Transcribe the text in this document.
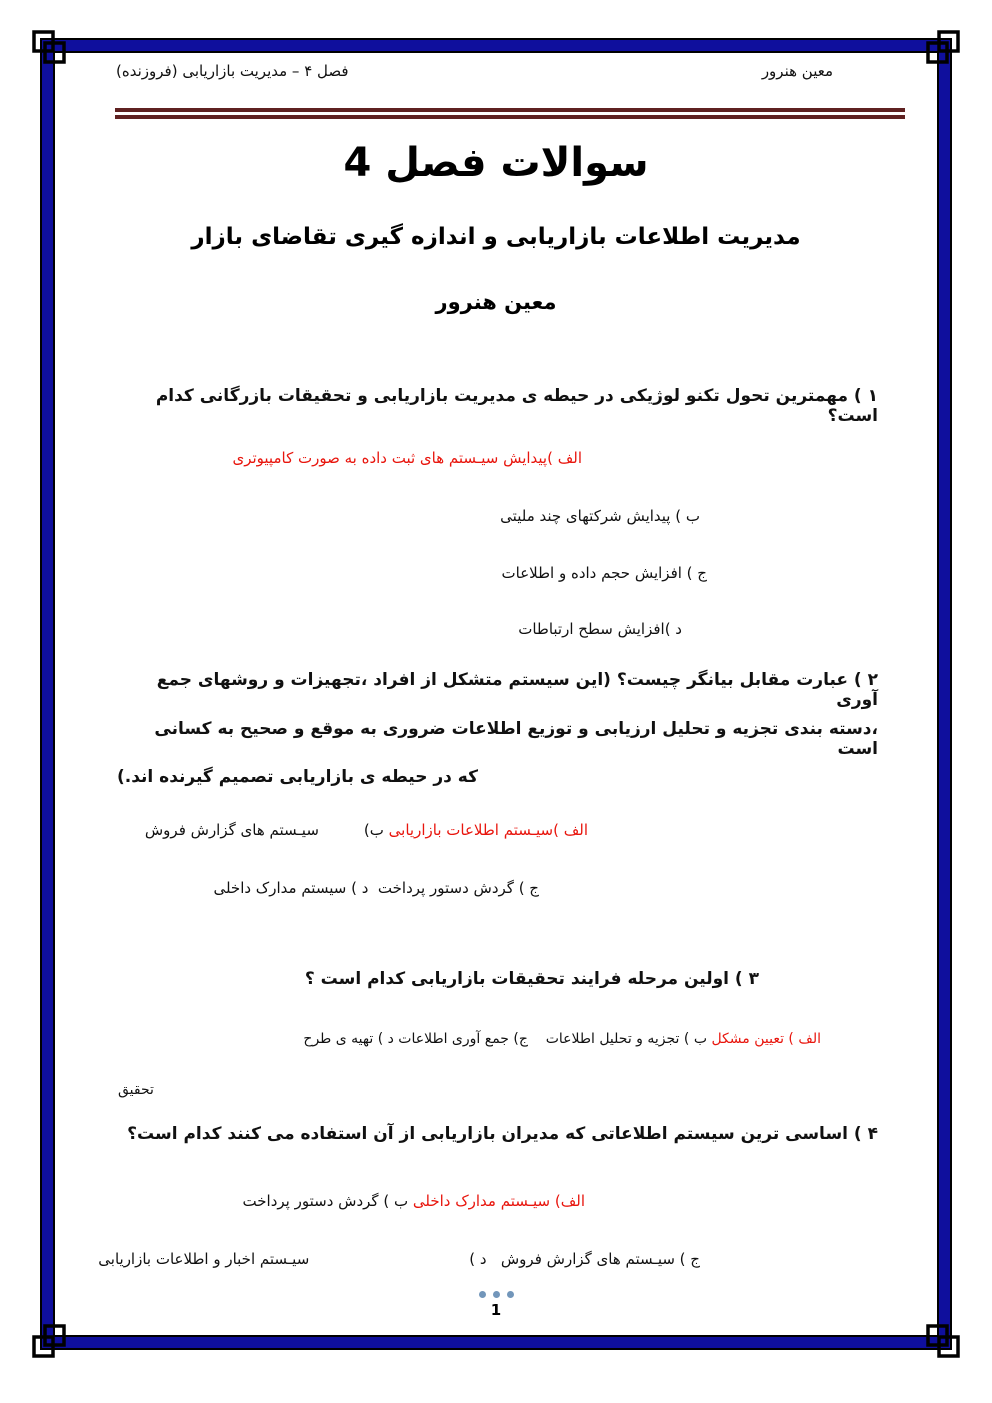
معین هنرور
فصل ۴ – مدیریت بازاریابی (فروزنده)
سوالات فصل 4
مدیریت اطلاعات بازاریابی و اندازه گیری تقاضای بازار
معین هنرور
۱ ) مهمترین تحول تکنو لوژیکی در حیطه ی مدیریت بازاریابی و تحقیقات بازرگانی کدام است؟
الف )پیدایش سیـستم های ثبت داده به صورت کامپیوتری
ب ) پیدایش شرکتهای چند ملیتی
ج ) افزایش حجم داده و اطلاعات
د )افزایش سطح ارتباطات
۲ ) عبارت مقابل بیانگر چیست؟ (این سیستم متشکل از افراد ،تجهیزات و روشهای جمع آوری
،دسته بندی تجزیه و تحلیل ارزیابی و توزیع اطلاعات ضروری به موقع و صحیح به کسانی است
که در حیطه ی بازاریابی تصمیم گیرنده اند.)
الف )سیـستم اطلاعات بازاریابی
ب)
سیـستم های گزارش فروش
ج ) گردش دستور پرداخت  د ) سیستم مدارک داخلی
۳ ) اولین مرحله فرایند تحقیقات بازاریابی کدام است ؟
الف ) تعیین مشکل
ب ) تجزیه و تحلیل اطلاعات    ج) جمع آوری اطلاعات د ) تهیه ی طرح
تحقیق
۴ ) اساسی ترین سیستم اطلاعاتی که مدیران بازاریابی از آن استفاده می کنند کدام است؟
الف) سیـستم مدارک داخلی
ب ) گردش دستور پرداخت
ج ) سیـستم های گزارش فروش   د )
سیـستم اخبار و اطلاعات بازاریابی
1
